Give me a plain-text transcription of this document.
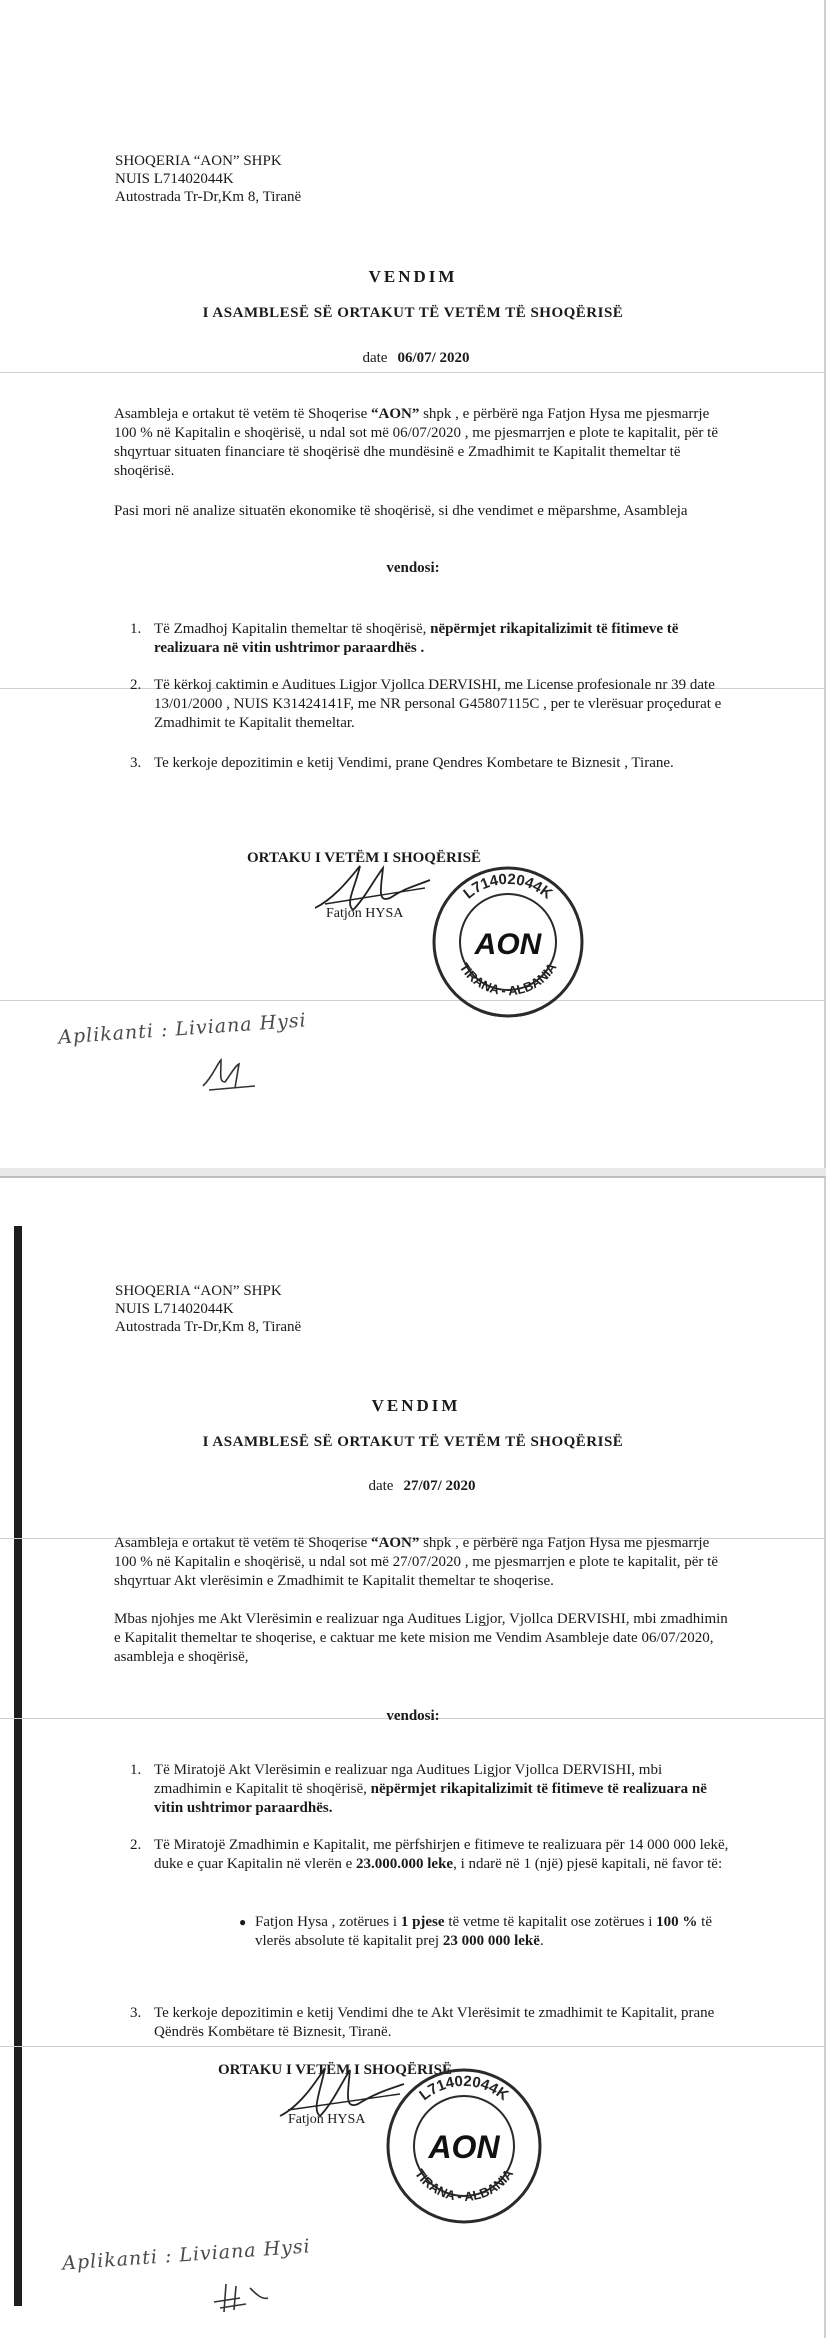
SHOQERIA “AON” SHPK
NUIS L71402044K
Autostrada Tr-Dr,Km 8, Tiranë
VENDIM
I ASAMBLESË SË ORTAKUT TË VETËM TË SHOQËRISË
date 06/07/ 2020
Asambleja e ortakut të vetëm të Shoqerise “AON” shpk , e përbërë nga Fatjon Hysa me pjesmarrje 100 % në Kapitalin e shoqërisë, u ndal sot më 06/07/2020 , me pjesmarrjen e plote te kapitalit, për të shqyrtuar situaten financiare të shoqërisë dhe mundësinë e Zmadhimit te Kapitalit themeltar të shoqërisë.
Pasi mori në analize situatën ekonomike të shoqërisë, si dhe vendimet e mëparshme, Asambleja
vendosi:
1. Të Zmadhoj Kapitalin themeltar të shoqërisë, nëpërmjet rikapitalizimit të fitimeve të realizuara në vitin ushtrimor paraardhës .
2. Të kërkoj caktimin e Auditues Ligjor Vjollca DERVISHI, me License profesionale nr 39 date 13/01/2000 , NUIS K31424141F, me NR personal G45807115C , per te vlerësuar proçedurat e Zmadhimit te Kapitalit themeltar.
3. Te kerkoje depozitimin e ketij Vendimi, prane Qendres Kombetare te Biznesit , Tirane.
ORTAKU I VETËM I SHOQËRISË
Fatjon HYSA
L71402044K
TIRANA - ALBANIA
AON
Aplikanti : Liviana Hysi
SHOQERIA “AON” SHPK
NUIS L71402044K
Autostrada Tr-Dr,Km 8, Tiranë
VENDIM
I ASAMBLESË SË ORTAKUT TË VETËM TË SHOQËRISË
date 27/07/ 2020
Asambleja e ortakut të vetëm të Shoqerise “AON” shpk , e përbërë nga Fatjon Hysa me pjesmarrje 100 % në Kapitalin e shoqërisë, u ndal sot më 27/07/2020 , me pjesmarrjen e plote te kapitalit, për të shqyrtuar Akt vlerësimin e Zmadhimit te Kapitalit themeltar te shoqerise.
Mbas njohjes me Akt Vlerësimin e realizuar nga Auditues Ligjor, Vjollca DERVISHI, mbi zmadhimin e Kapitalit themeltar te shoqerise, e caktuar me kete mision me Vendim Asambleje date 06/07/2020, asambleja e shoqërisë,
vendosi:
1. Të Miratojë Akt Vlerësimin e realizuar nga Auditues Ligjor Vjollca DERVISHI, mbi zmadhimin e Kapitalit të shoqërisë, nëpërmjet rikapitalizimit të fitimeve të realizuara në vitin ushtrimor paraardhës.
2. Të Miratojë Zmadhimin e Kapitalit, me përfshirjen e fitimeve te realizuara për 14 000 000 lekë, duke e çuar Kapitalin në vlerën e 23.000.000 leke, i ndarë në 1 (një) pjesë kapitali, në favor të:
● Fatjon Hysa , zotërues i 1 pjese të vetme të kapitalit ose zotërues i 100 % të vlerës absolute të kapitalit prej 23 000 000 lekë.
3. Te kerkoje depozitimin e ketij Vendimi dhe te Akt Vlerësimit te zmadhimit te Kapitalit, prane Qëndrës Kombëtare të Biznesit, Tiranë.
ORTAKU I VETËM I SHOQËRISË
Fatjon HYSA
L71402044K
TIRANA - ALBANIA
AON
Aplikanti : Liviana Hysi
